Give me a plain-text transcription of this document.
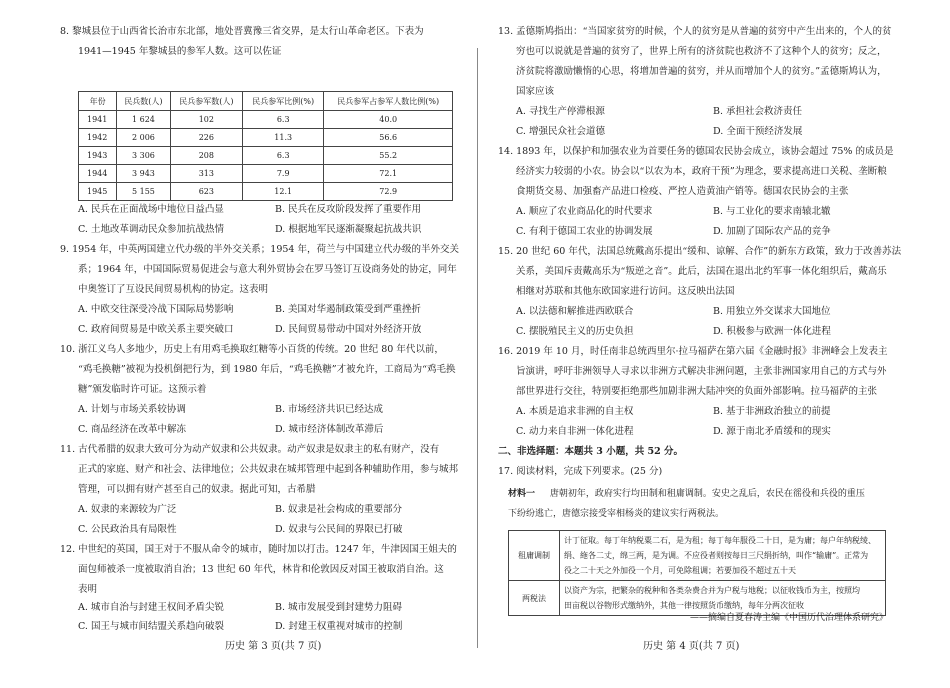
8. 黎城县位于山西省长治市东北部，地处晋冀豫三省交界，是太行山革命老区。下表为
1941—1945 年黎城县的参军人数。这可以佐证
年份	民兵数(人)	民兵参军数(人)	民兵参军比例(%)	民兵参军占参军人数比例(%)
1941	1 624	102	6.3	40.0
1942	2 006	226	11.3	56.6
1943	3 306	208	6.3	55.2
1944	3 943	313	7.9	72.1
1945	5 155	623	12.1	72.9
A. 民兵在正面战场中地位日益凸显	B. 民兵在反攻阶段发挥了重要作用
C. 土地改革调动民众参加抗战热情	D. 根据地军民逐渐凝聚起抗战共识
9. 1954 年，中英两国建立代办级的半外交关系；1954 年，荷兰与中国建立代办级的半外交关
系；1964 年，中国国际贸易促进会与意大利外贸协会在罗马签订互设商务处的协定，同年
中奥签订了互设民间贸易机构的协定。这表明
A. 中欧交往深受冷战下国际局势影响	B. 美国对华遏制政策受到严重挫折
C. 政府间贸易是中欧关系主要突破口	D. 民间贸易带动中国对外经济开放
10. 浙江义乌人多地少，历史上有用鸡毛换取红糖等小百货的传统。20 世纪 80 年代以前，
“鸡毛换糖”被视为投机倒把行为，到 1980 年后，“鸡毛换糖”才被允许，工商局为“鸡毛换
糖”颁发临时许可证。这预示着
A. 计划与市场关系较协调	B. 市场经济共识已经达成
C. 商品经济在改革中解冻	D. 城市经济体制改革滞后
11. 古代希腊的奴隶大致可分为动产奴隶和公共奴隶。动产奴隶是奴隶主的私有财产，没有
正式的家庭、财产和社会、法律地位；公共奴隶在城邦管理中起到各种辅助作用，参与城邦
管理，可以拥有财产甚至自己的奴隶。据此可知，古希腊
A. 奴隶的来源较为广泛	B. 奴隶是社会构成的重要部分
C. 公民政治具有局限性	D. 奴隶与公民间的界限已打破
12. 中世纪的英国，国王对于不服从命令的城市，随时加以打击。1247 年，牛津因国王姐夫的
面包师被杀一度被取消自治；13 世纪 60 年代，林肯和伦敦因反对国王被取消自治。这
表明
A. 城市自治与封建王权间矛盾尖锐	B. 城市发展受到封建势力阻碍
C. 国王与城市间结盟关系趋向破裂	D. 封建王权重视对城市的控制
历史 第 3 页(共 7 页)
13. 孟德斯鸠指出：“当国家贫穷的时候，个人的贫穷是从普遍的贫穷中产生出来的，个人的贫
穷也可以说就是普遍的贫穷了，世界上所有的济贫院也救济不了这种个人的贫穷；反之，
济贫院将激励懒惰的心思，将增加普遍的贫穷，并从而增加个人的贫穷。”孟德斯鸠认为，
国家应该
A. 寻找生产停滞根源	B. 承担社会救济责任
C. 增强民众社会道德	D. 全面干预经济发展
14. 1893 年，以保护和加强农业为首要任务的德国农民协会成立，该协会超过 75% 的成员是
经济实力较弱的小农。协会以“以农为本，政府干预”为理念，要求提高进口关税、垄断粮
食期货交易、加强畜产品进口检疫、严控人造黄油产销等。德国农民协会的主张
A. 顺应了农业商品化的时代要求	B. 与工业化的要求南辕北辙
C. 有利于德国工农业的协调发展	D. 加剧了国际农产品的竞争
15. 20 世纪 60 年代，法国总统戴高乐提出“缓和、谅解、合作”的新东方政策，致力于改善苏法
关系，美国斥责戴高乐为“叛逆之音”。此后，法国在退出北约军事一体化组织后，戴高乐
相继对苏联和其他东欧国家进行访问。这反映出法国
A. 以法德和解推进西欧联合	B. 用独立外交谋求大国地位
C. 摆脱殖民主义的历史负担	D. 积极参与欧洲一体化进程
16. 2019 年 10 月，时任南非总统西里尔·拉马福萨在第六届《金融时报》非洲峰会上发表主
旨演讲，呼吁非洲领导人寻求以非洲方式解决非洲问题，主张非洲国家用自己的方式与外
部世界进行交往，特别要拒绝那些加剧非洲大陆冲突的负面外部影响。拉马福萨的主张
A. 本质是追求非洲的自主权	B. 基于非洲政治独立的前提
C. 动力来自非洲一体化进程	D. 源于南北矛盾缓和的现实
二、非选择题：本题共 3 小题，共 52 分。
17. 阅读材料，完成下列要求。(25 分)
材料一 唐朝初年，政府实行均田制和租庸调制。安史之乱后，农民在徭役和兵役的重压
下纷纷逃亡，唐德宗接受宰相杨炎的建议实行两税法。
租庸调制	计丁征取。每丁年纳税粟二石，是为租；每丁每年服役二十日，是为庸；每户年纳税绫、
绢、絁各二丈，绵三两，是为调。不应役者则按每日三尺绢折纳，叫作“输庸”。正常为
役之二十天之外加役一个月，可免除租调；若要加役不超过五十天

两税法	以资产为宗，把繁杂的税种和各类杂费合并为户税与地税；以征收钱币为主，按照均
田亩税以谷物形式缴纳外，其他一律按照货币缴纳，每年分两次征收
——摘编自夏春涛主编《中国历代治理体系研究》
历史 第 4 页(共 7 页)
